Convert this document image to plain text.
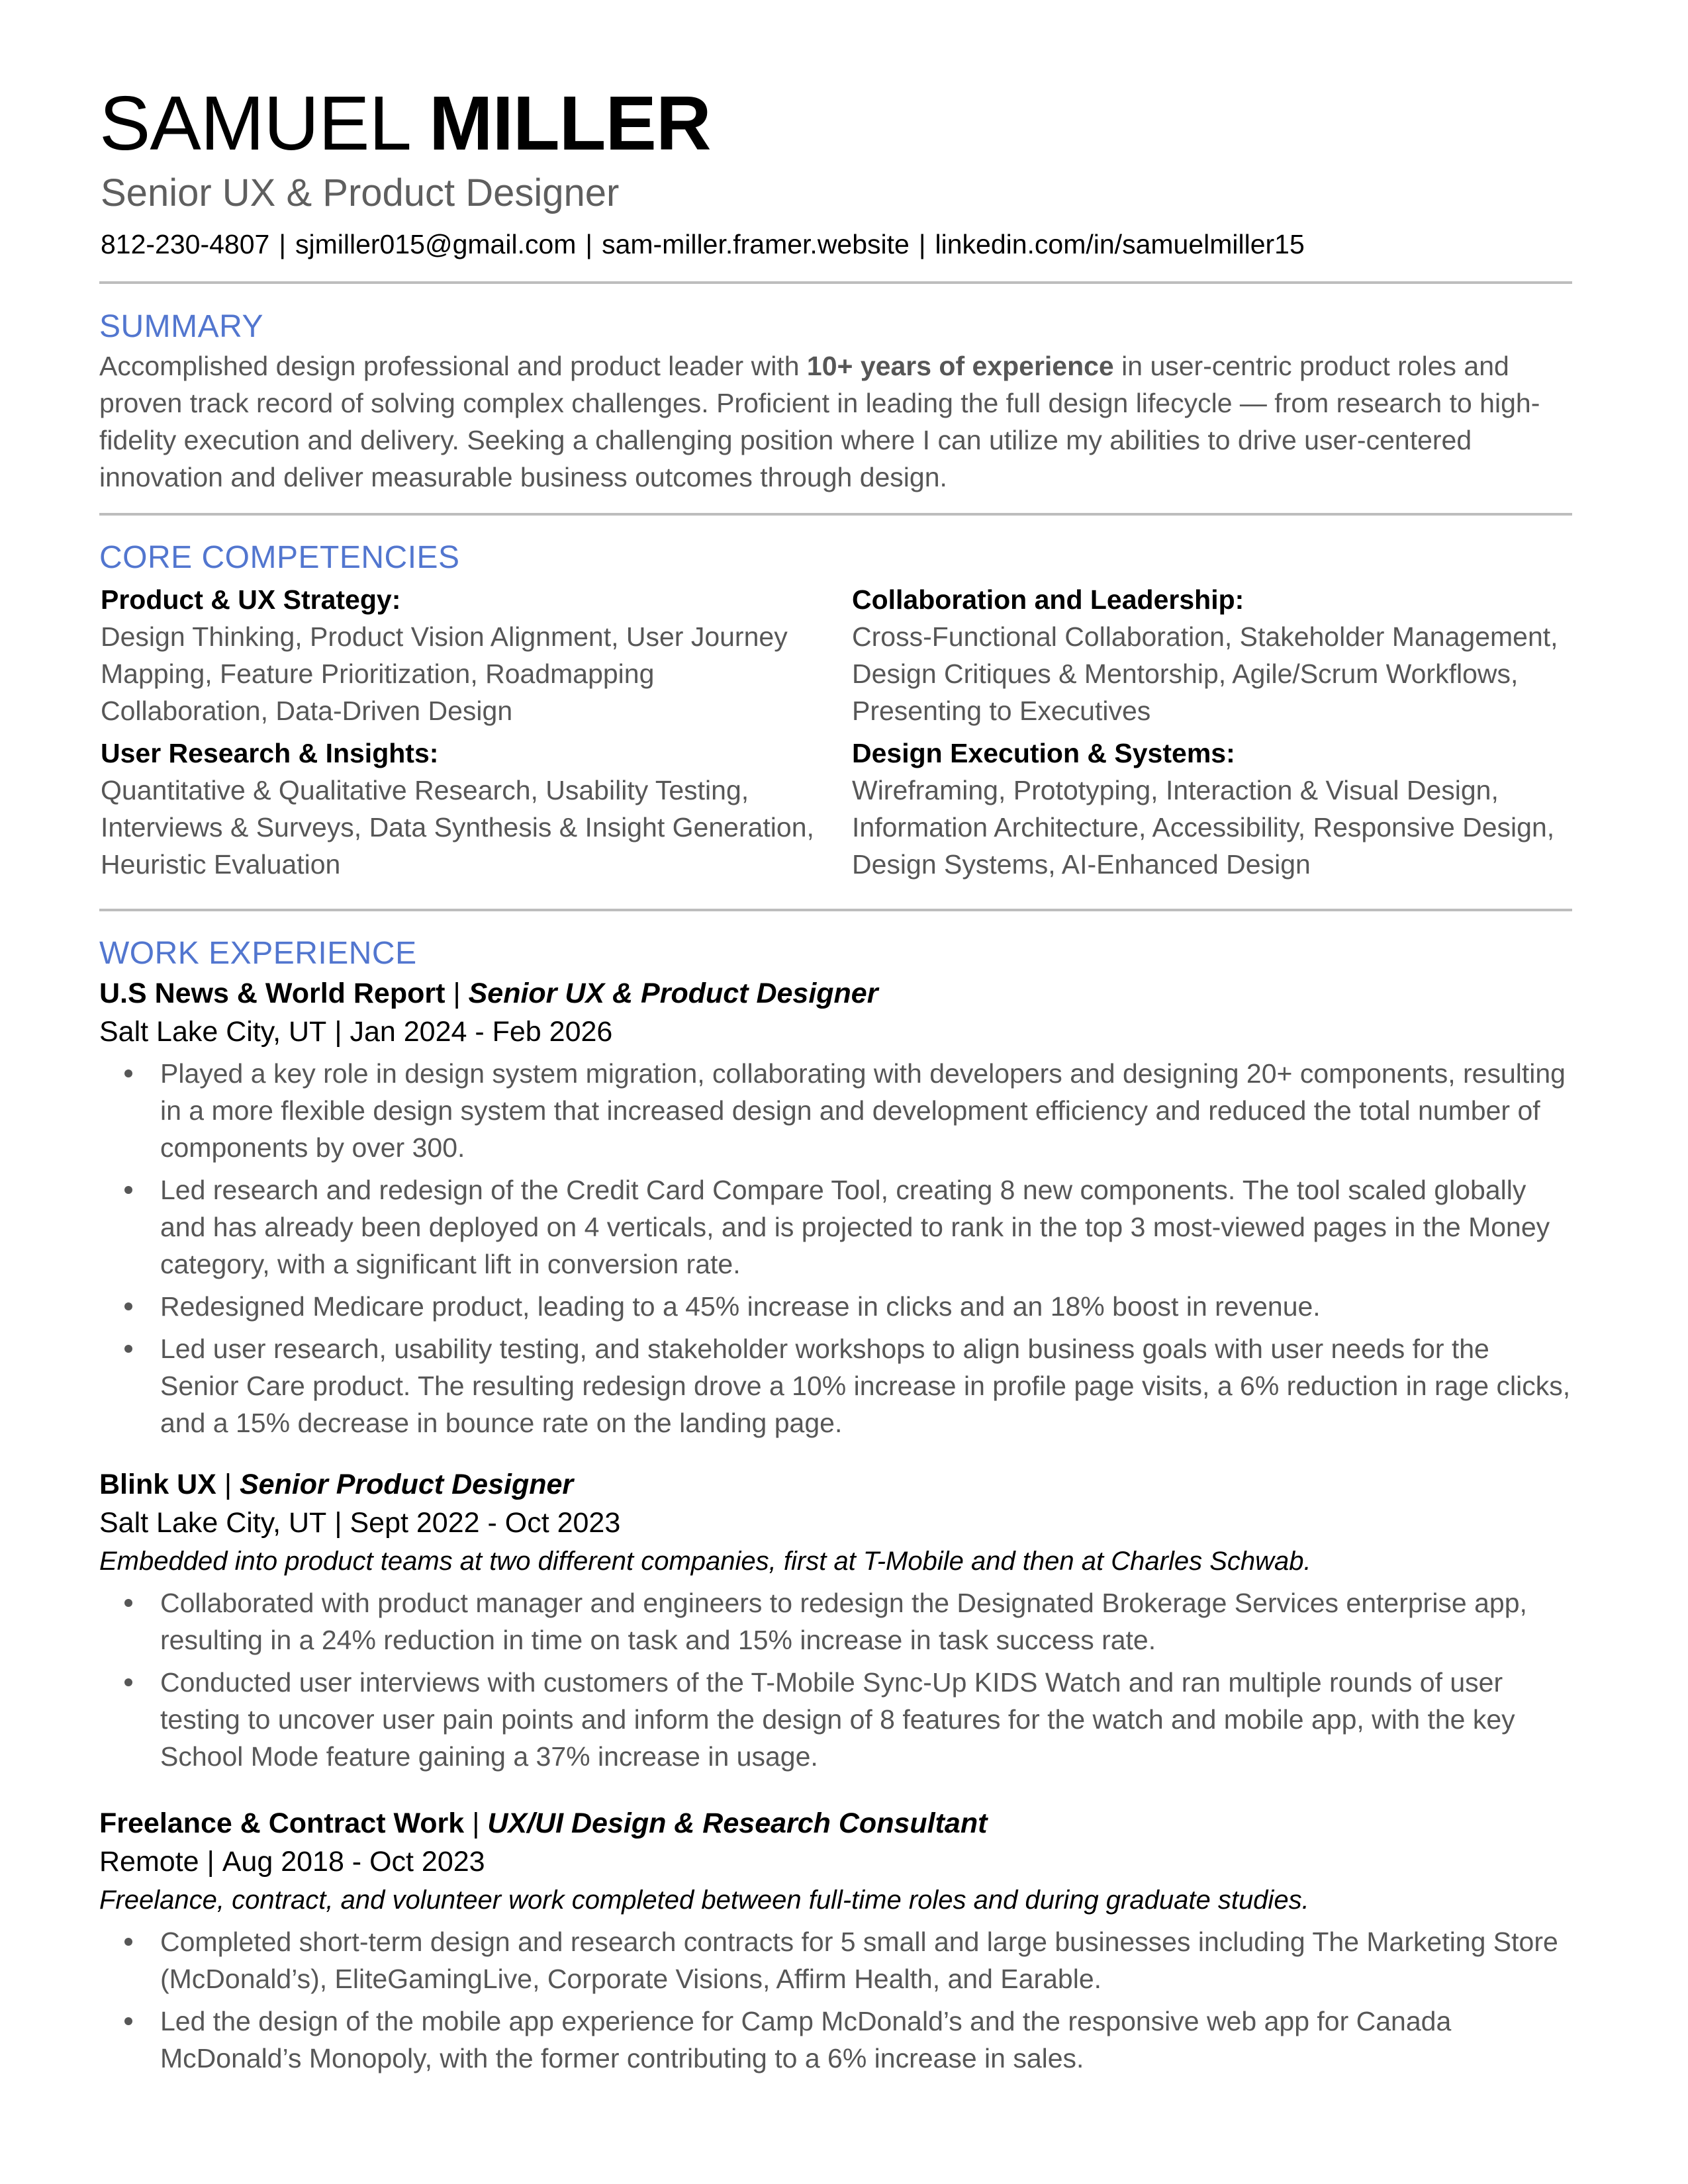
SAMUEL MILLER
Senior UX & Product Designer
812-230-4807 | sjmiller015@gmail.com | sam-miller.framer.website | linkedin.com/in/samuelmiller15
SUMMARY
Accomplished design professional and product leader with 10+ years of experience in user-centric product roles and proven track record of solving complex challenges. Proficient in leading the full design lifecycle — from research to high-fidelity execution and delivery. Seeking a challenging position where I can utilize my abilities to drive user-centered innovation and deliver measurable business outcomes through design.
CORE COMPETENCIES
Product & UX Strategy:
Design Thinking, Product Vision Alignment, User Journey Mapping, Feature Prioritization, Roadmapping Collaboration, Data-Driven Design
User Research & Insights:
Quantitative & Qualitative Research, Usability Testing, Interviews & Surveys, Data Synthesis & Insight Generation, Heuristic Evaluation
Collaboration and Leadership:
Cross-Functional Collaboration, Stakeholder Management, Design Critiques & Mentorship, Agile/Scrum Workflows, Presenting to Executives
Design Execution & Systems:
Wireframing, Prototyping, Interaction & Visual Design, Information Architecture, Accessibility, Responsive Design, Design Systems, AI-Enhanced Design
WORK EXPERIENCE
U.S News & World Report | Senior UX & Product Designer
Salt Lake City, UT | Jan 2024 - Feb 2026
Played a key role in design system migration, collaborating with developers and designing 20+ components, resulting in a more flexible design system that increased design and development efficiency and reduced the total number of components by over 300.
Led research and redesign of the Credit Card Compare Tool, creating 8 new components. The tool scaled globally and has already been deployed on 4 verticals, and is projected to rank in the top 3 most-viewed pages in the Money category, with a significant lift in conversion rate.
Redesigned Medicare product, leading to a 45% increase in clicks and an 18% boost in revenue.
Led user research, usability testing, and stakeholder workshops to align business goals with user needs for the Senior Care product. The resulting redesign drove a 10% increase in profile page visits, a 6% reduction in rage clicks, and a 15% decrease in bounce rate on the landing page.
Blink UX | Senior Product Designer
Salt Lake City, UT | Sept 2022 - Oct 2023
Embedded into product teams at two different companies, first at T-Mobile and then at Charles Schwab.
Collaborated with product manager and engineers to redesign the Designated Brokerage Services enterprise app, resulting in a 24% reduction in time on task and 15% increase in task success rate.
Conducted user interviews with customers of the T-Mobile Sync-Up KIDS Watch and ran multiple rounds of user testing to uncover user pain points and inform the design of 8 features for the watch and mobile app, with the key School Mode feature gaining a 37% increase in usage.
Freelance & Contract Work | UX/UI Design & Research Consultant
Remote | Aug 2018 - Oct 2023
Freelance, contract, and volunteer work completed between full-time roles and during graduate studies.
Completed short-term design and research contracts for 5 small and large businesses including The Marketing Store (McDonald’s), EliteGamingLive, Corporate Visions, Affirm Health, and Earable.
Led the design of the mobile app experience for Camp McDonald’s and the responsive web app for Canada McDonald’s Monopoly, with the former contributing to a 6% increase in sales.
